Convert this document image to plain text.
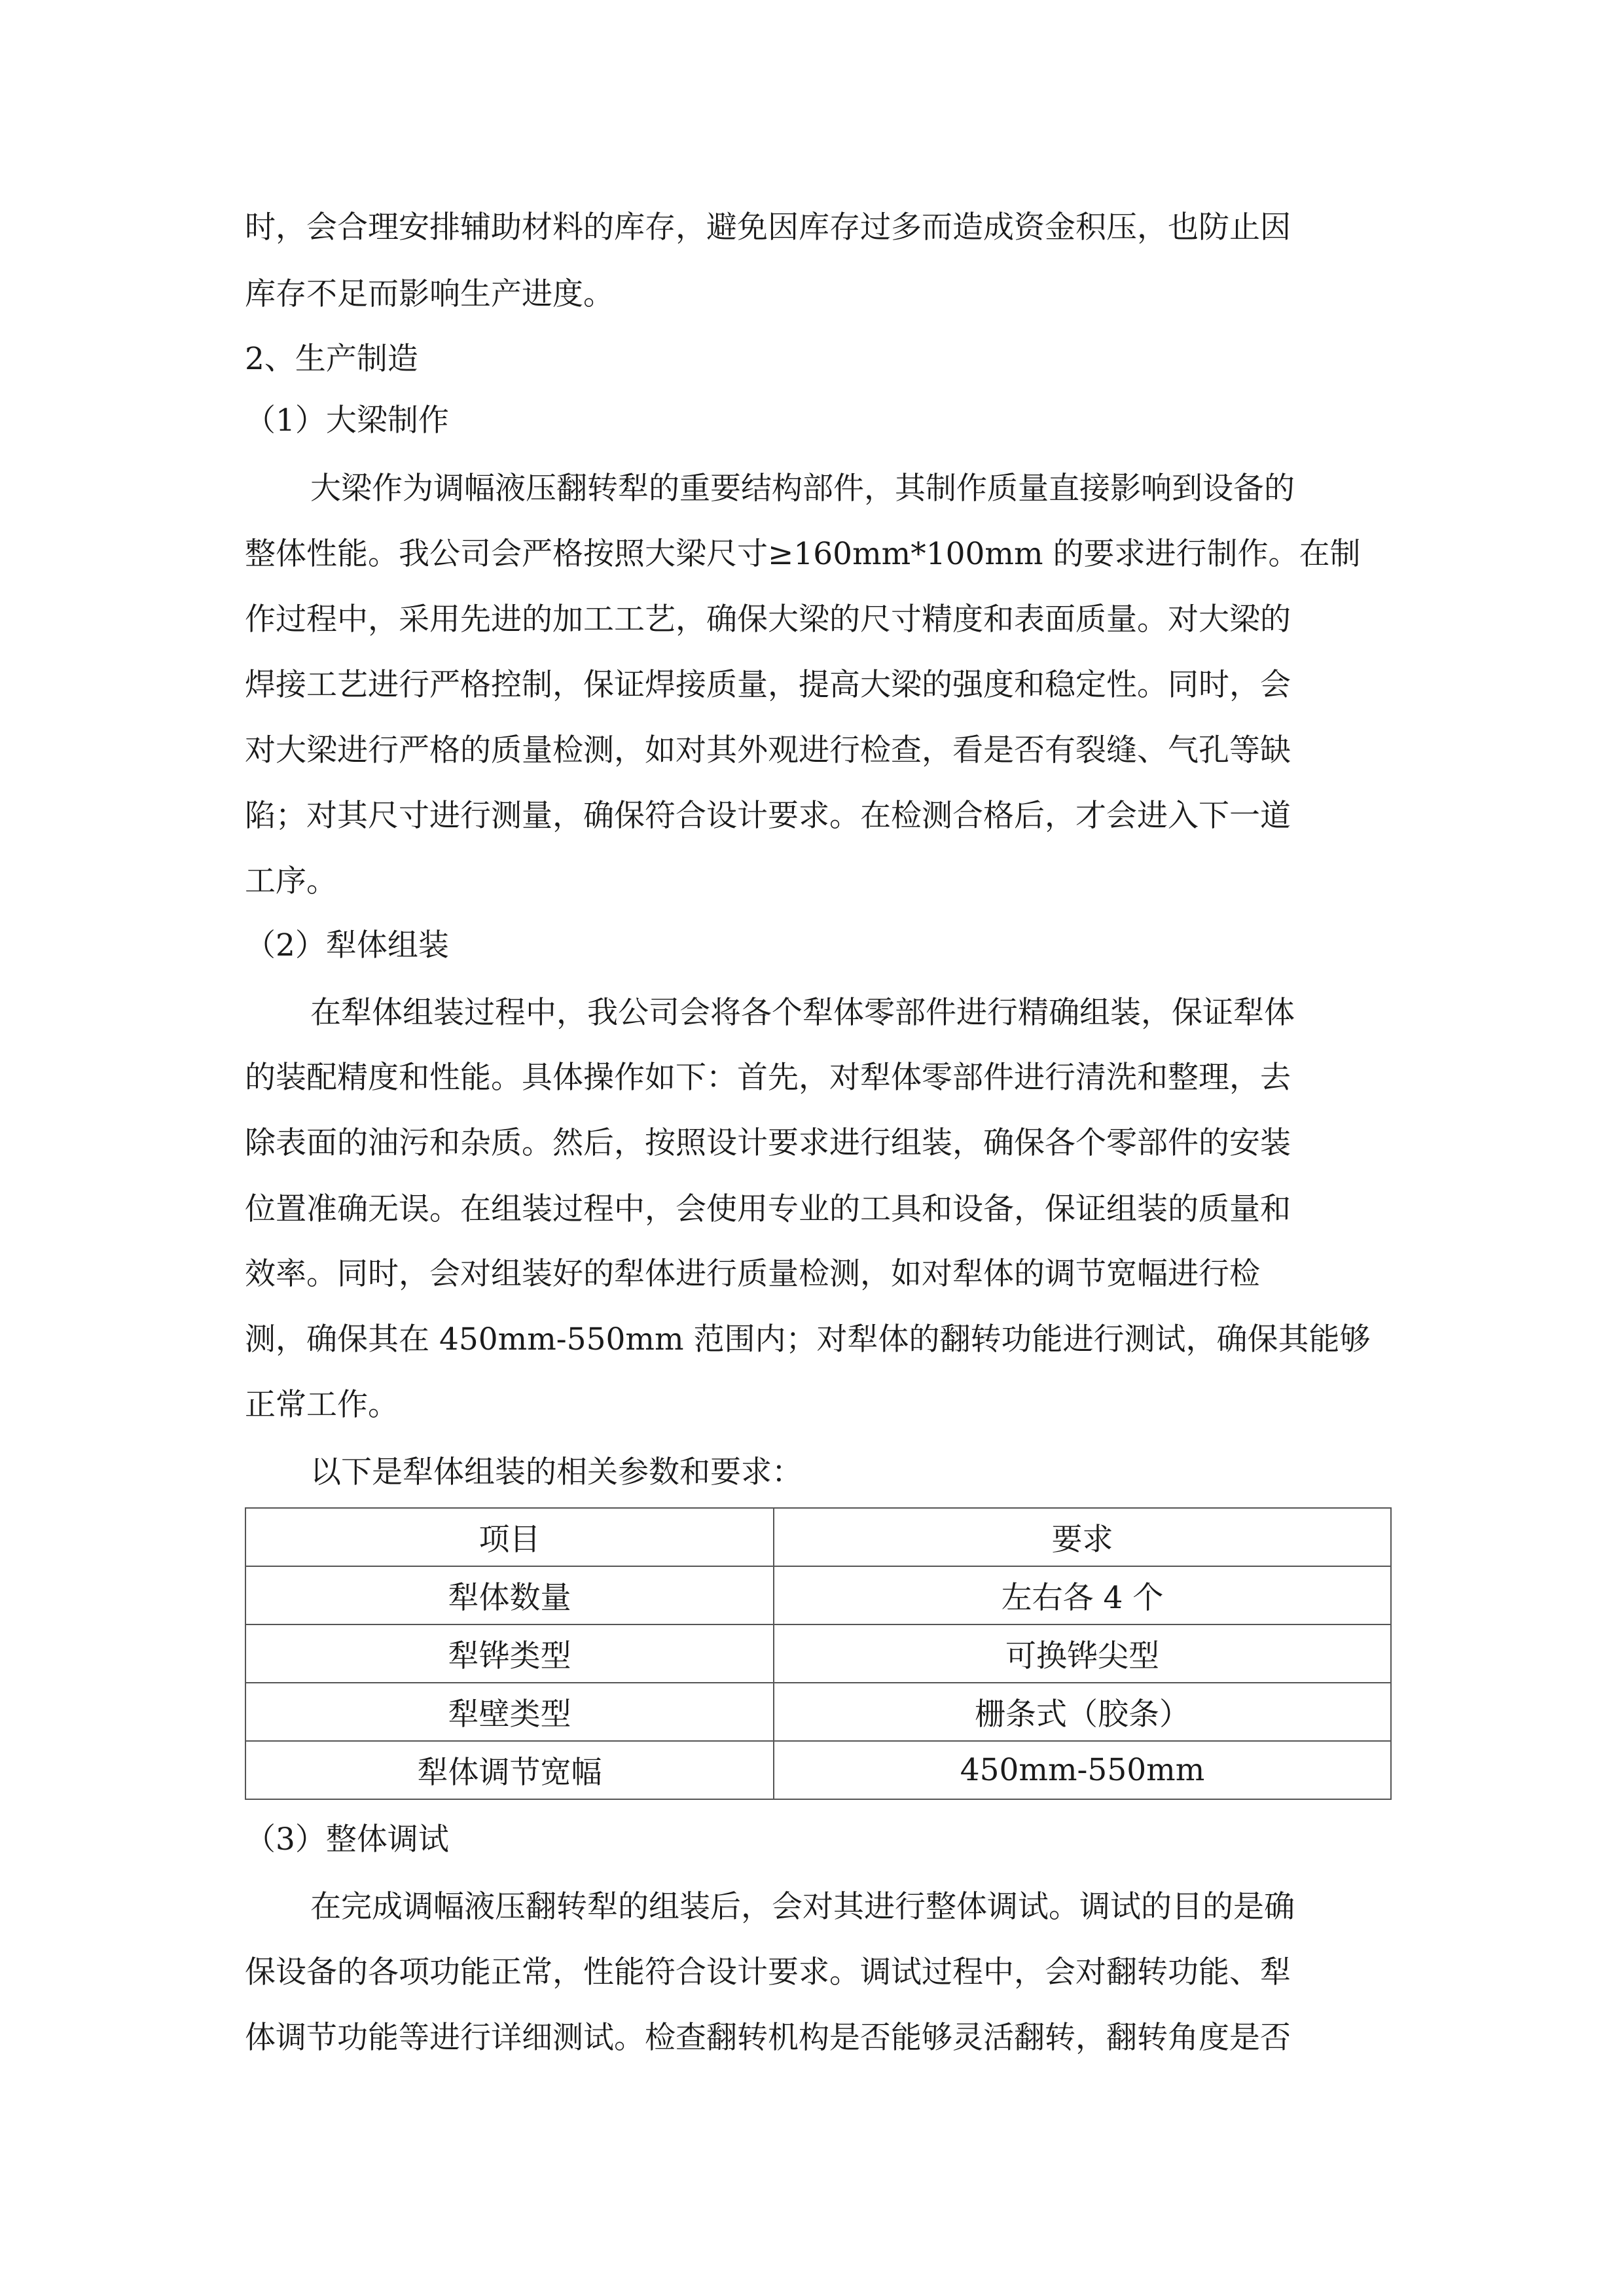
时，会合理安排辅助材料的库存，避免因库存过多而造成资金积压，也防止因

库存不足而影响生产进度。

2、生产制造

（1）大梁制作

大梁作为调幅液压翻转犁的重要结构部件，其制作质量直接影响到设备的

整体性能。我公司会严格按照大梁尺寸≥160mm*100mm 的要求进行制作。在制

作过程中，采用先进的加工工艺，确保大梁的尺寸精度和表面质量。对大梁的

焊接工艺进行严格控制，保证焊接质量，提高大梁的强度和稳定性。同时，会

对大梁进行严格的质量检测，如对其外观进行检查，看是否有裂缝、气孔等缺

陷；对其尺寸进行测量，确保符合设计要求。在检测合格后，才会进入下一道

工序。

（2）犁体组装

在犁体组装过程中，我公司会将各个犁体零部件进行精确组装，保证犁体

的装配精度和性能。具体操作如下：首先，对犁体零部件进行清洗和整理，去

除表面的油污和杂质。然后，按照设计要求进行组装，确保各个零部件的安装

位置准确无误。在组装过程中，会使用专业的工具和设备，保证组装的质量和

效率。同时，会对组装好的犁体进行质量检测，如对犁体的调节宽幅进行检

测，确保其在 450mm-550mm 范围内；对犁体的翻转功能进行测试，确保其能够

正常工作。

以下是犁体组装的相关参数和要求：

项目	要求
犁体数量	左右各 4 个
犁铧类型	可换铧尖型
犁壁类型	栅条式（胶条）
犁体调节宽幅	450mm-550mm

（3）整体调试

在完成调幅液压翻转犁的组装后，会对其进行整体调试。调试的目的是确

保设备的各项功能正常，性能符合设计要求。调试过程中，会对翻转功能、犁

体调节功能等进行详细测试。检查翻转机构是否能够灵活翻转，翻转角度是否
